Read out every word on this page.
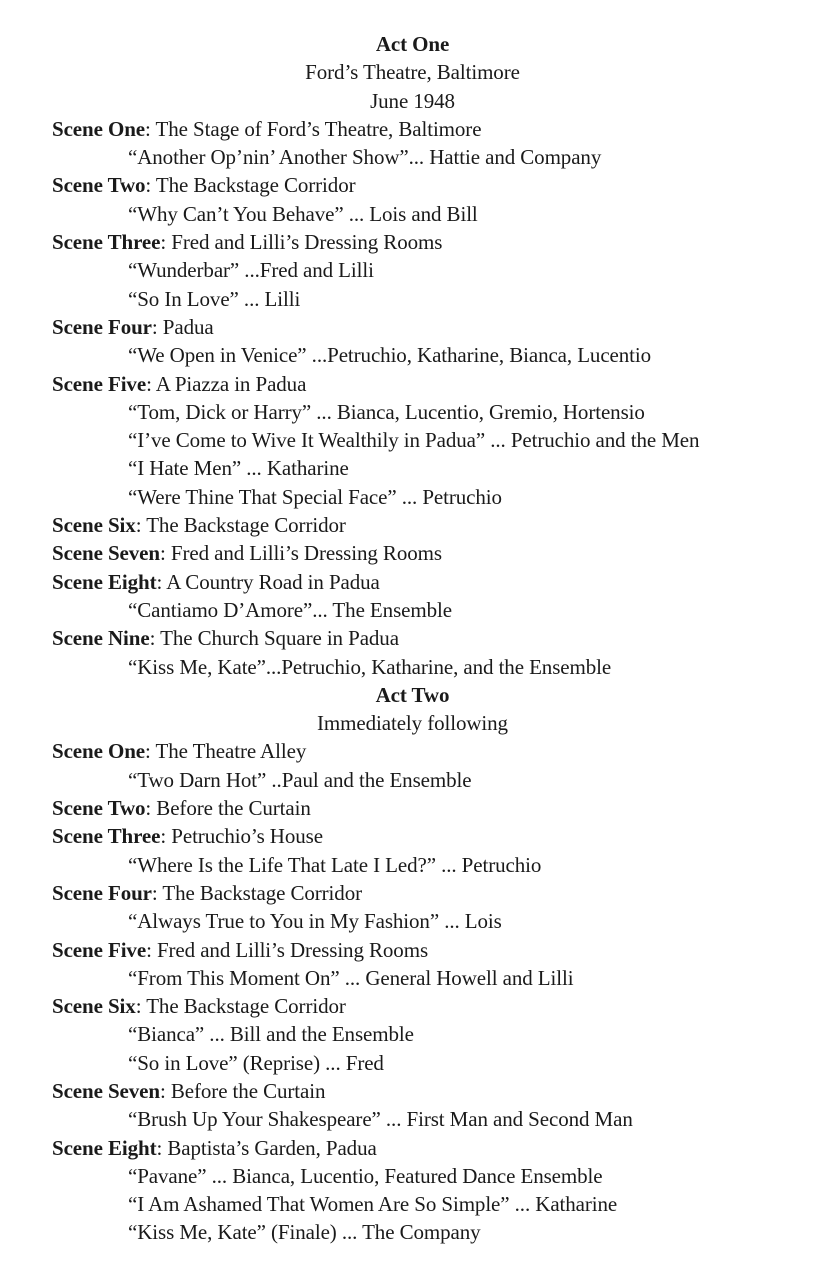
Act One
Ford’s Theatre, Baltimore
June 1948
Scene One: The Stage of Ford’s Theatre, Baltimore
“Another Op’nin’ Another Show”... Hattie and Company
Scene Two: The Backstage Corridor
“Why Can’t You Behave” ... Lois and Bill
Scene Three: Fred and Lilli’s Dressing Rooms
“Wunderbar” ...Fred and Lilli
“So In Love” ... Lilli
Scene Four: Padua
“We Open in Venice” ...Petruchio, Katharine, Bianca, Lucentio
Scene Five: A Piazza in Padua
“Tom, Dick or Harry” ... Bianca, Lucentio, Gremio, Hortensio
“I’ve Come to Wive It Wealthily in Padua” ... Petruchio and the Men
“I Hate Men” ... Katharine
“Were Thine That Special Face” ... Petruchio
Scene Six: The Backstage Corridor
Scene Seven: Fred and Lilli’s Dressing Rooms
Scene Eight: A Country Road in Padua
“Cantiamo D’Amore”... The Ensemble
Scene Nine: The Church Square in Padua
“Kiss Me, Kate”...Petruchio, Katharine, and the Ensemble
Act Two
Immediately following
Scene One: The Theatre Alley
“Two Darn Hot” ..Paul and the Ensemble
Scene Two: Before the Curtain
Scene Three: Petruchio’s House
“Where Is the Life That Late I Led?” ... Petruchio
Scene Four: The Backstage Corridor
“Always True to You in My Fashion” ... Lois
Scene Five: Fred and Lilli’s Dressing Rooms
“From This Moment On” ... General Howell and Lilli
Scene Six: The Backstage Corridor
“Bianca” ... Bill and the Ensemble
“So in Love” (Reprise) ... Fred
Scene Seven: Before the Curtain
“Brush Up Your Shakespeare” ... First Man and Second Man
Scene Eight: Baptista’s Garden, Padua
“Pavane” ... Bianca, Lucentio, Featured Dance Ensemble
“I Am Ashamed That Women Are So Simple” ... Katharine
“Kiss Me, Kate” (Finale) ... The Company
